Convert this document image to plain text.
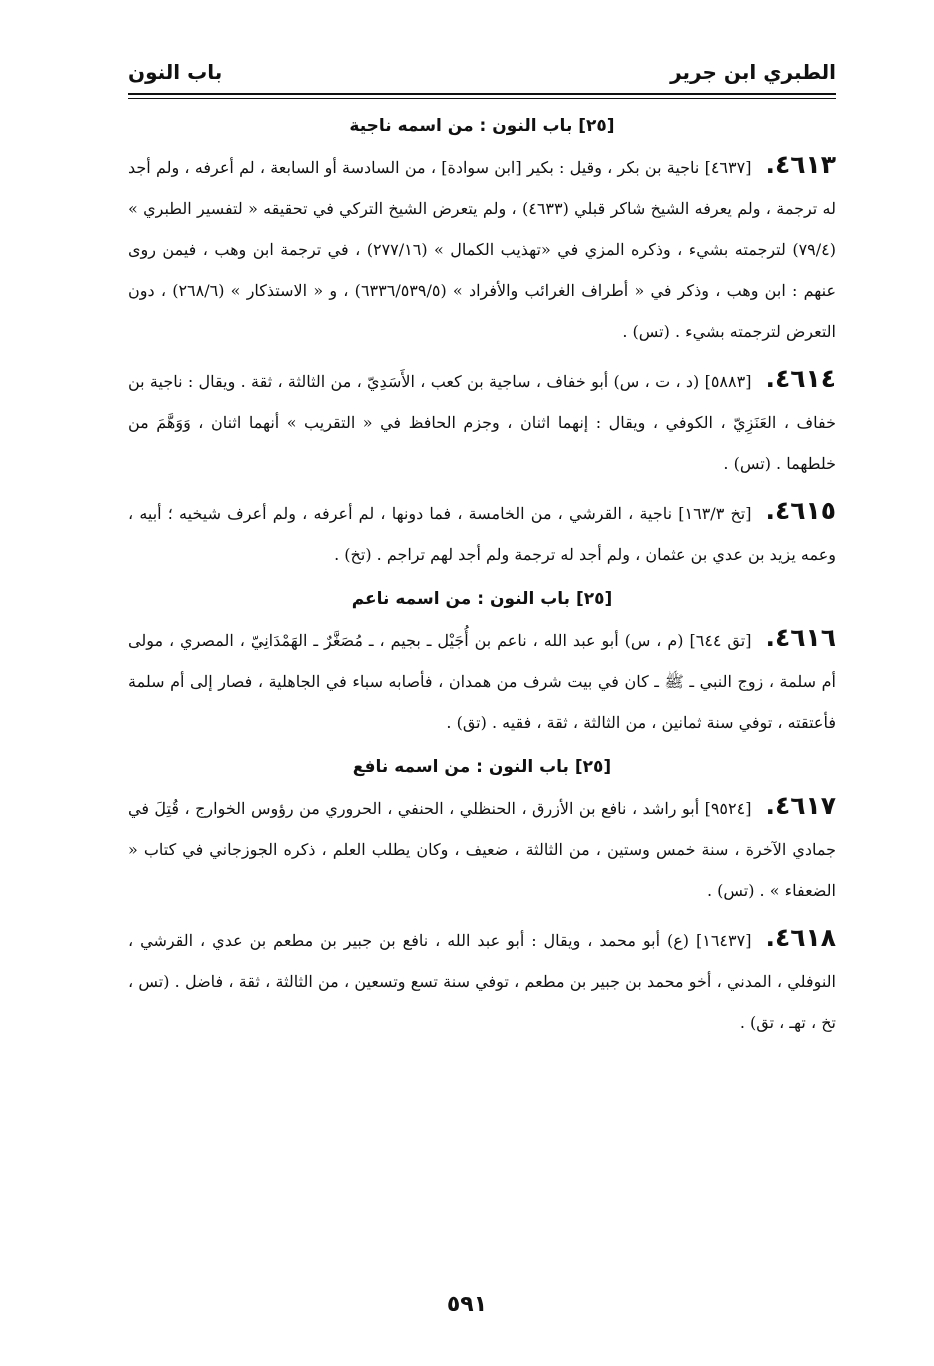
الطبري ابن جرير
باب النون
[٢٥] باب النون : من اسمه ناجية

٤٦١٣.[٤٦٣٧] ناجية بن بكر ، وقيل : بكير [ابن سوادة] ، من السادسة أو السابعة ، لم أعرفه ، ولم أجد له ترجمة ، ولم يعرفه الشيخ شاكر قبلي (٤٦٣٣) ، ولم يتعرض الشيخ التركي في تحقيقه « لتفسير الطبري » (٧٩/٤) لترجمته بشيء ، وذكره المزي في «تهذيب الكمال » (٢٧٧/١٦) ، في ترجمة ابن وهب ، فيمن روى عنهم : ابن وهب ، وذكر في « أطراف الغرائب والأفراد » (٦٣٣٦/٥٣٩/٥) ، و « الاستذكار » (٢٦٨/٦) ، دون التعرض لترجمته بشيء . (تس) .

٤٦١٤.[٥٨٨٣] (د ، ت ، س) أبو خفاف ، ساجية بن كعب ، الأَسَدِيّ ، من الثالثة ، ثقة . ويقال : ناجية بن خفاف ، العَنَزِيّ ، الكوفي ، ويقال : إنهما اثنان ، وجزم الحافظ في « التقريب » أنهما اثنان ، وَوَهَّمَ من خلطهما . (تس) .

٤٦١٥.[تخ ١٦٣/٣] ناجية ، القرشي ، من الخامسة ، فما دونها ، لم أعرفه ، ولم أعرف شيخيه ؛ أبيه ، وعمه يزيد بن عدي بن عثمان ، ولم أجد له ترجمة ولم أجد لهم تراجم . (تخ) .

[٢٥] باب النون : من اسمه ناعم

٤٦١٦.[تق ٦٤٤] (م ، س) أبو عبد الله ، ناعم بن أُجَيْل ـ بجيم ، ـ مُصَغَّرٌ ـ الهَمْدَانِيّ ، المصري ، مولى أم سلمة ، زوج النبي ـ ﷺ ـ كان في بيت شرف من همدان ، فأصابه سباء في الجاهلية ، فصار إلى أم سلمة فأعتقته ، توفي سنة ثمانين ، من الثالثة ، ثقة ، فقيه . (تق) .

[٢٥] باب النون : من اسمه نافع

٤٦١٧.[٩٥٢٤] أبو راشد ، نافع بن الأزرق ، الحنظلي ، الحنفي ، الحروري من رؤوس الخوارج ، قُتِلَ في جمادي الآخرة ، سنة خمس وستين ، من الثالثة ، ضعيف ، وكان يطلب العلم ، ذكره الجوزجاني في كتاب « الضعفاء » . (تس) .

٤٦١٨.[١٦٤٣٧] (ع) أبو محمد ، ويقال : أبو عبد الله ، نافع بن جبير بن مطعم بن عدي ، القرشي ، النوفلي ، المدني ، أخو محمد بن جبير بن مطعم ، توفي سنة تسع وتسعين ، من الثالثة ، ثقة ، فاضل . (تس ، تخ ، تهـ ، تق) .

٥٩١
